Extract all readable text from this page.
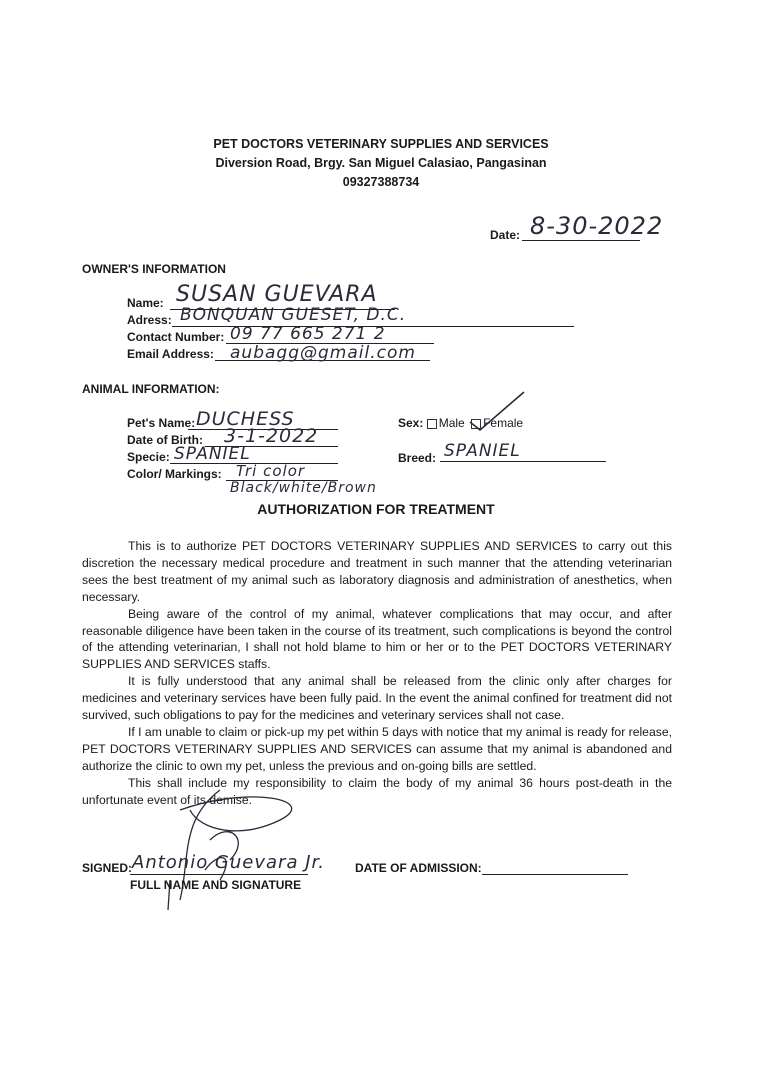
PET DOCTORS VETERINARY SUPPLIES AND SERVICES
Diversion Road, Brgy. San Miguel Calasiao, Pangasinan
09327388734
Date: 8-30-2022
OWNER'S INFORMATION
Name: SUSAN GUEVARA
Adress: BONQUAN GUESET, D.C.
Contact Number: 09 77 665 271 2
Email Address: aubagg@gmail.com
ANIMAL INFORMATION:
Pet's Name: DUCHESS
Date of Birth: 3-1-2022
Specie: SPANIEL
Color/ Markings: Tri color
Black/white/Brown
Sex: Male Female
Breed: SPANIEL
AUTHORIZATION FOR TREATMENT

This is to authorize PET DOCTORS VETERINARY SUPPLIES AND SERVICES to carry out this discretion the necessary medical procedure and treatment in such manner that the attending veterinarian sees the best treatment of my animal such as laboratory diagnosis and administration of anesthetics, when necessary.

Being aware of the control of my animal, whatever complications that may occur, and after reasonable diligence have been taken in the course of its treatment, such complications is beyond the control of the attending veterinarian, I shall not hold blame to him or her or to the PET DOCTORS VETERINARY SUPPLIES AND SERVICES staffs.

It is fully understood that any animal shall be released from the clinic only after charges for medicines and veterinary services have been fully paid. In the event the animal confined for treatment did not survived, such obligations to pay for the medicines and veterinary services shall not case.

If I am unable to claim or pick-up my pet within 5 days with notice that my animal is ready for release, PET DOCTORS VETERINARY SUPPLIES AND SERVICES can assume that my animal is abandoned and authorize the clinic to own my pet, unless the previous and on-going bills are settled.

This shall include my responsibility to claim the body of my animal 36 hours post-death in the unfortunate event of its demise.

SIGNED: Antonio Guevara Jr.
FULL NAME AND SIGNATURE
DATE OF ADMISSION:
